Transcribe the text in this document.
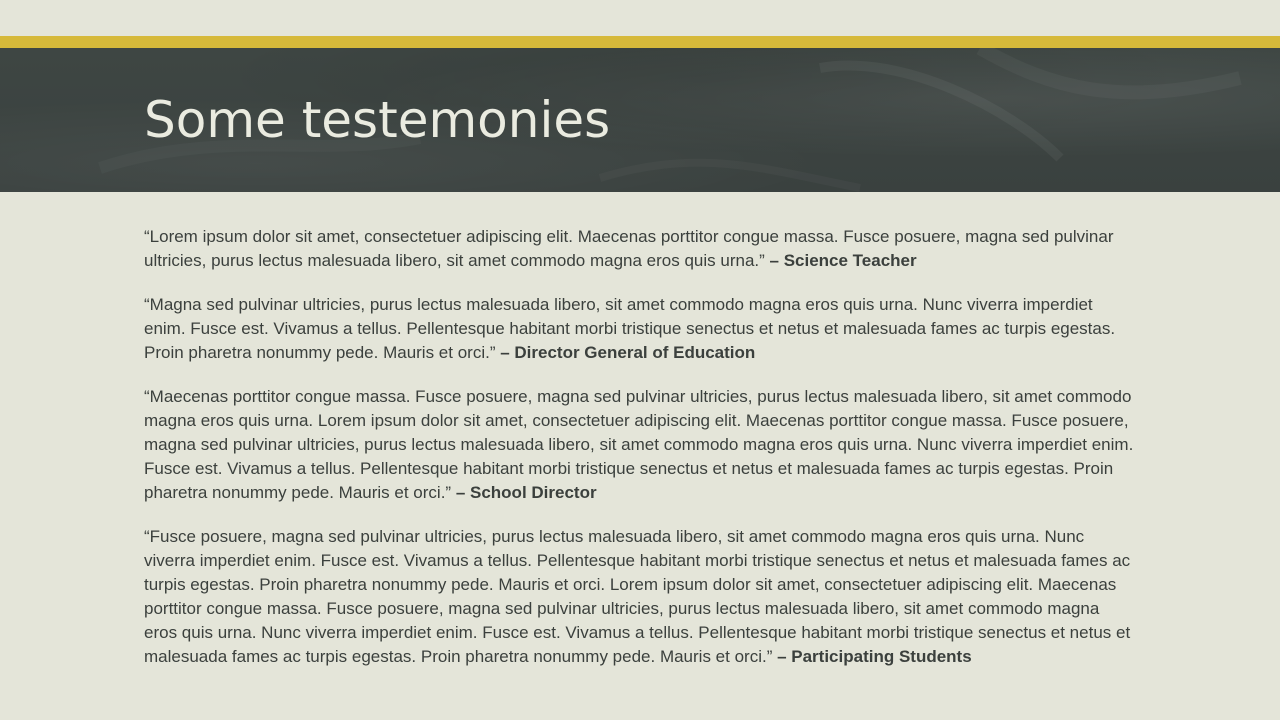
Some testemonies

“Lorem ipsum dolor sit amet, consectetuer adipiscing elit. Maecenas porttitor congue massa. Fusce posuere, magna sed pulvinar ultricies, purus lectus malesuada libero, sit amet commodo magna eros quis urna.” – Science Teacher

“Magna sed pulvinar ultricies, purus lectus malesuada libero, sit amet commodo magna eros quis urna. Nunc viverra imperdiet enim. Fusce est. Vivamus a tellus. Pellentesque habitant morbi tristique senectus et netus et malesuada fames ac turpis egestas. Proin pharetra nonummy pede. Mauris et orci.” – Director General of Education

“Maecenas porttitor congue massa. Fusce posuere, magna sed pulvinar ultricies, purus lectus malesuada libero, sit amet commodo magna eros quis urna. Lorem ipsum dolor sit amet, consectetuer adipiscing elit. Maecenas porttitor congue massa. Fusce posuere, magna sed pulvinar ultricies, purus lectus malesuada libero, sit amet commodo magna eros quis urna. Nunc viverra imperdiet enim. Fusce est. Vivamus a tellus. Pellentesque habitant morbi tristique senectus et netus et malesuada fames ac turpis egestas. Proin pharetra nonummy pede. Mauris et orci.” – School Director

“Fusce posuere, magna sed pulvinar ultricies, purus lectus malesuada libero, sit amet commodo magna eros quis urna. Nunc viverra imperdiet enim. Fusce est. Vivamus a tellus. Pellentesque habitant morbi tristique senectus et netus et malesuada fames ac turpis egestas. Proin pharetra nonummy pede. Mauris et orci. Lorem ipsum dolor sit amet, consectetuer adipiscing elit. Maecenas porttitor congue massa. Fusce posuere, magna sed pulvinar ultricies, purus lectus malesuada libero, sit amet commodo magna eros quis urna. Nunc viverra imperdiet enim. Fusce est. Vivamus a tellus. Pellentesque habitant morbi tristique senectus et netus et malesuada fames ac turpis egestas. Proin pharetra nonummy pede. Mauris et orci.” – Participating Students
